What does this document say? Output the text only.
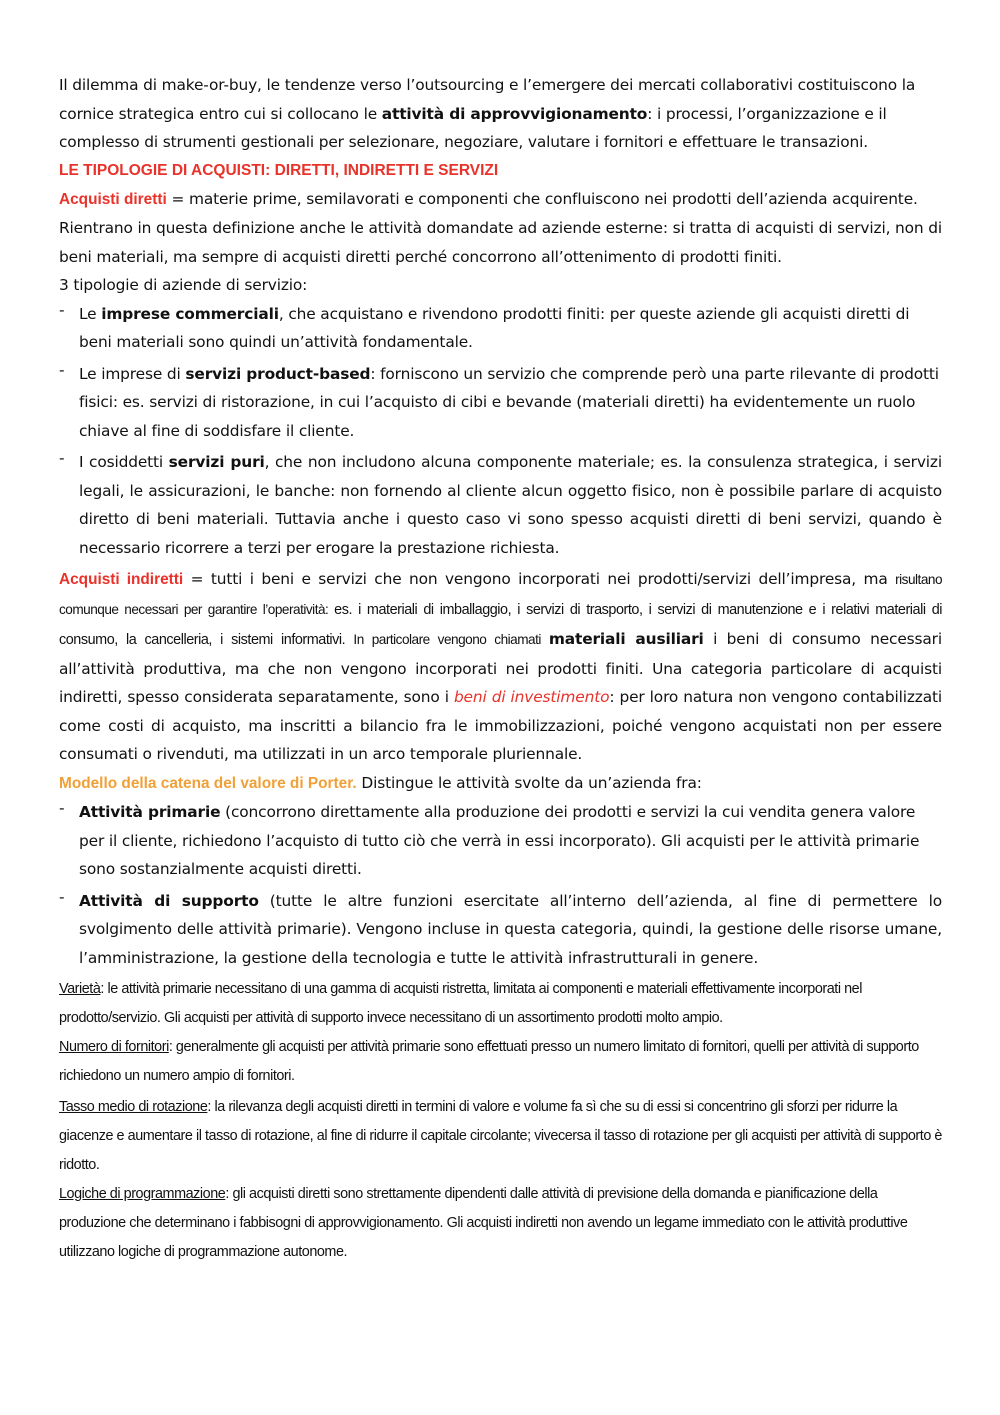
Il dilemma di make-or-buy, le tendenze verso l’outsourcing e l’emergere dei mercati collaborativi costituiscono la cornice strategica entro cui si collocano le attività di approvvigionamento: i processi, l’organizzazione e il complesso di strumenti gestionali per selezionare, negoziare, valutare i fornitori e effettuare le transazioni.

LE TIPOLOGIE DI ACQUISTI: DIRETTI, INDIRETTI E SERVIZI

Acquisti diretti = materie prime, semilavorati e componenti che confluiscono nei prodotti dell’azienda acquirente. Rientrano in questa definizione anche le attività domandate ad aziende esterne: si tratta di acquisti di servizi, non di beni materiali, ma sempre di acquisti diretti perché concorrono all’ottenimento di prodotti finiti.

3 tipologie di aziende di servizio:

- Le imprese commerciali, che acquistano e rivendono prodotti finiti: per queste aziende gli acquisti diretti di beni materiali sono quindi un’attività fondamentale.
- Le imprese di servizi product-based: forniscono un servizio che comprende però una parte rilevante di prodotti fisici: es. servizi di ristorazione, in cui l’acquisto di cibi e bevande (materiali diretti) ha evidentemente un ruolo chiave al fine di soddisfare il cliente.
- I cosiddetti servizi puri, che non includono alcuna componente materiale; es. la consulenza strategica, i servizi legali, le assicurazioni, le banche: non fornendo al cliente alcun oggetto fisico, non è possibile parlare di acquisto diretto di beni materiali. Tuttavia anche i questo caso vi sono spesso acquisti diretti di beni servizi, quando è necessario ricorrere a terzi per erogare la prestazione richiesta.

Acquisti indiretti = tutti i beni e servizi che non vengono incorporati nei prodotti/servizi dell’impresa, ma risultano comunque necessari per garantire l’operatività: es. i materiali di imballaggio, i servizi di trasporto, i servizi di manutenzione e i relativi materiali di consumo, la cancelleria, i sistemi informativi. In particolare vengono chiamati materiali ausiliari i beni di consumo necessari all’attività produttiva, ma che non vengono incorporati nei prodotti finiti. Una categoria particolare di acquisti indiretti, spesso considerata separatamente, sono i beni di investimento: per loro natura non vengono contabilizzati come costi di acquisto, ma inscritti a bilancio fra le immobilizzazioni, poiché vengono acquistati non per essere consumati o rivenduti, ma utilizzati in un arco temporale pluriennale.

Modello della catena del valore di Porter. Distingue le attività svolte da un’azienda fra:

- Attività primarie (concorrono direttamente alla produzione dei prodotti e servizi la cui vendita genera valore per il cliente, richiedono l’acquisto di tutto ciò che verrà in essi incorporato). Gli acquisti per le attività primarie sono sostanzialmente acquisti diretti.
- Attività di supporto (tutte le altre funzioni esercitate all’interno dell’azienda, al fine di permettere lo svolgimento delle attività primarie). Vengono incluse in questa categoria, quindi, la gestione delle risorse umane, l’amministrazione, la gestione della tecnologia e tutte le attività infrastrutturali in genere.

Varietà: le attività primarie necessitano di una gamma di acquisti ristretta, limitata ai componenti e materiali effettivamente incorporati nel prodotto/servizio. Gli acquisti per attività di supporto invece necessitano di un assortimento prodotti molto ampio.

Numero di fornitori: generalmente gli acquisti per attività primarie sono effettuati presso un numero limitato di fornitori, quelli per attività di supporto richiedono un numero ampio di fornitori.

Tasso medio di rotazione: la rilevanza degli acquisti diretti in termini di valore e volume fa sì che su di essi si concentrino gli sforzi per ridurre la giacenze e aumentare il tasso di rotazione, al fine di ridurre il capitale circolante; vivecersa il tasso di rotazione per gli acquisti per attività di supporto è ridotto.

Logiche di programmazione: gli acquisti diretti sono strettamente dipendenti dalle attività di previsione della domanda e pianificazione della produzione che determinano i fabbisogni di approvvigionamento. Gli acquisti indiretti non avendo un legame immediato con le attività produttive utilizzano logiche di programmazione autonome.
